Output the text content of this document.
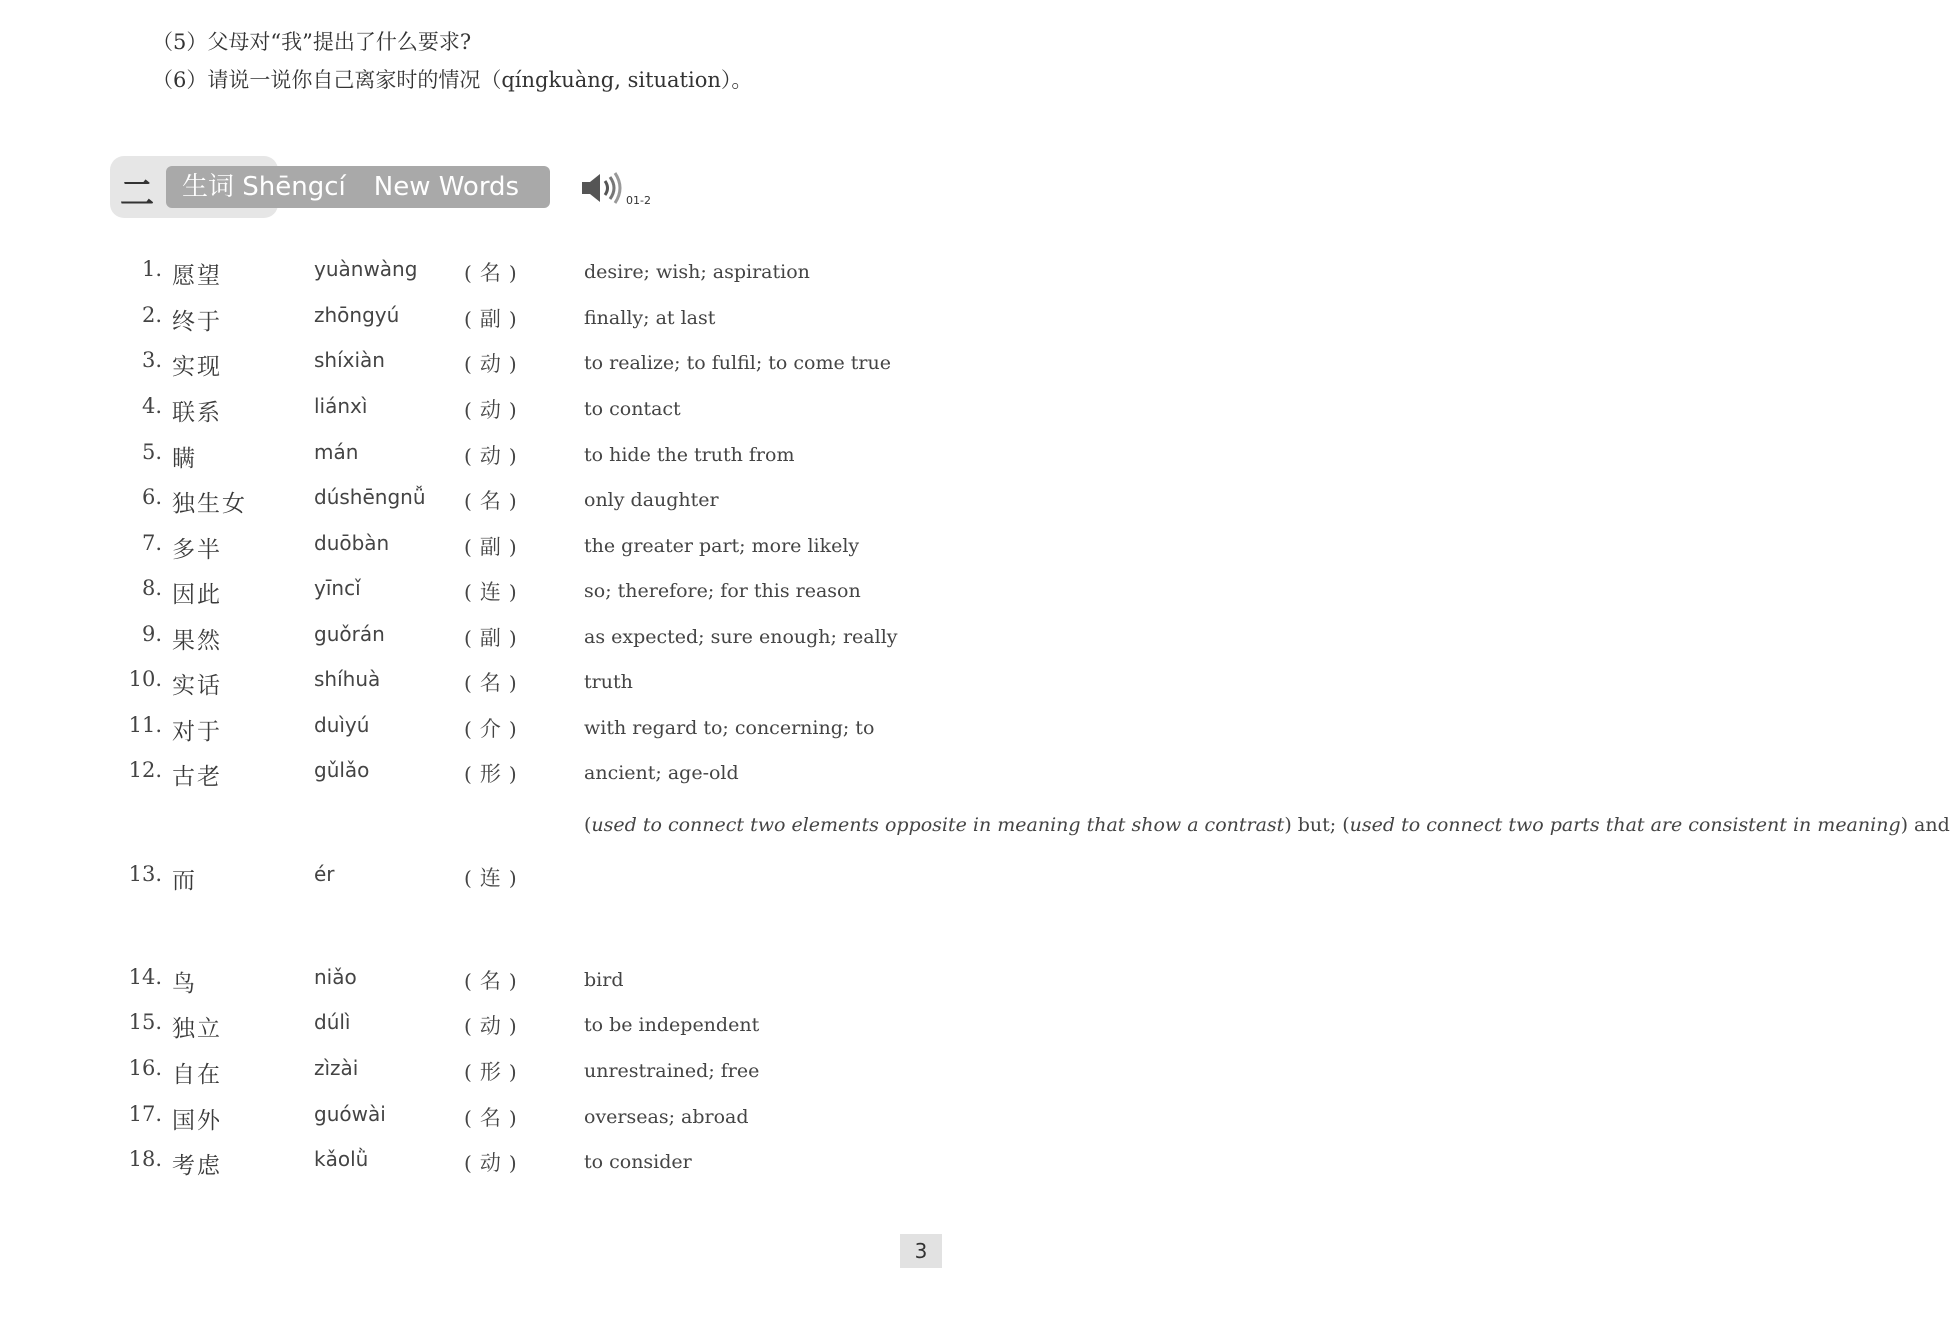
（5）父母对“我”提出了什么要求?
（6）请说一说你自己离家时的情况（qíngkuàng, situation）。
二	生词 Shēngcí New Words	01-2
1. 愿望	yuànwàng ( 名 )	desire; wish; aspiration
2. 终于	zhōngyú	( 副 )	finally; at last
3. 实现	shíxiàn	( 动 )	to realize; to fulfil; to come true
4. 联系	liánxì	( 动 )	to contact
5. 瞒	mán	( 动 )	to hide the truth from
6. 独生女	dúshēngnǚ ( 名 )	only daughter
7. 多半	duōbàn	( 副 )	the greater part; more likely
8. 因此	yīncǐ	( 连 )	so; therefore; for this reason
9. 果然	guǒrán	( 副 )	as expected; sure enough; really
10. 实话	shíhuà	( 名 )	truth
11. 对于	duìyú	( 介 )	with regard to; concerning; to
12. 古老	gǔlǎo	( 形 )	ancient; age-old
13. 而	ér	( 连 )
(used to connect two elements opposite in meaning that show a contrast) but; (used to connect two parts that are consistent in meaning) and
14. 鸟	niǎo	( 名 )	bird
15. 独立	dúlì	( 动 )	to be independent
16. 自在	zìzài	( 形 )	unrestrained; free
17. 国外	guówài	( 名 )	overseas; abroad
18. 考虑	kǎolǜ	( 动 )	to consider
3
